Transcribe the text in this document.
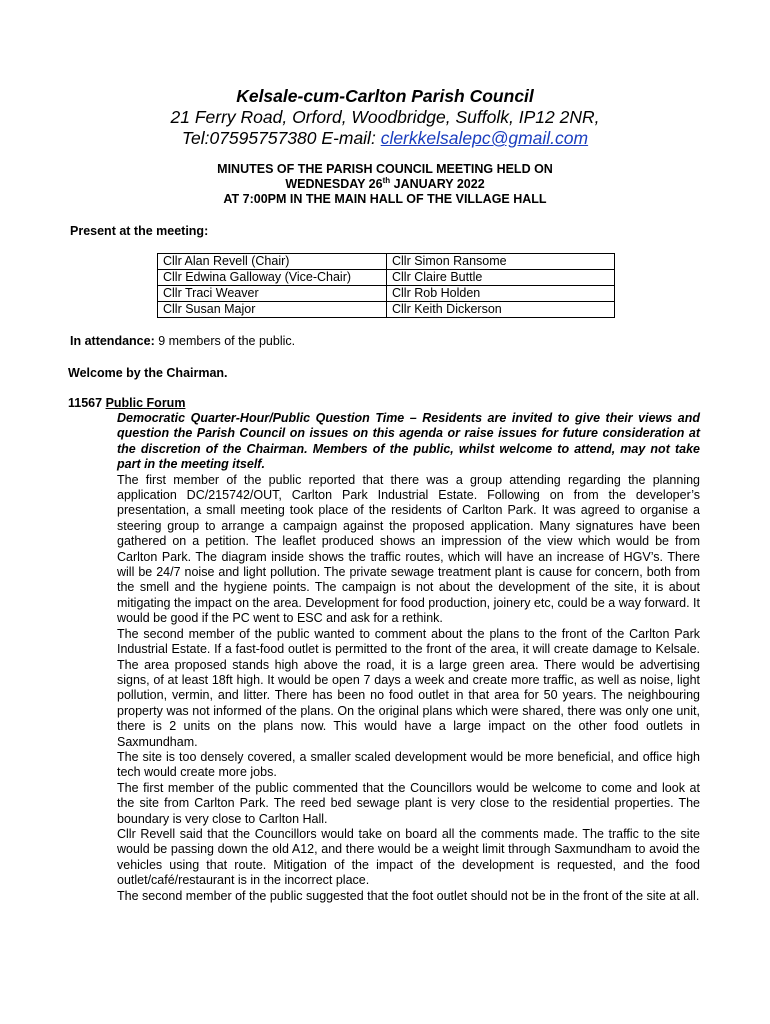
Kelsale-cum-Carlton Parish Council
21 Ferry Road, Orford, Woodbridge, Suffolk, IP12 2NR,
Tel:07595757380 E-mail: clerkkelsalepc@gmail.com
MINUTES OF THE PARISH COUNCIL MEETING HELD ON
WEDNESDAY 26th JANUARY 2022
AT 7:00PM IN THE MAIN HALL OF THE VILLAGE HALL
Present at the meeting:
Cllr Alan Revell (Chair)	Cllr Simon Ransome
Cllr Edwina Galloway (Vice-Chair)	Cllr Claire Buttle
Cllr Traci Weaver	Cllr Rob Holden
Cllr Susan Major	Cllr Keith Dickerson
In attendance: 9 members of the public.
Welcome by the Chairman.
11567 Public Forum

Democratic Quarter-Hour/Public Question Time – Residents are invited to give their views and question the Parish Council on issues on this agenda or raise issues for future consideration at the discretion of the Chairman. Members of the public, whilst welcome to attend, may not take part in the meeting itself.

The first member of the public reported that there was a group attending regarding the planning application DC/215742/OUT, Carlton Park Industrial Estate. Following on from the developer’s presentation, a small meeting took place of the residents of Carlton Park. It was agreed to organise a steering group to arrange a campaign against the proposed application. Many signatures have been gathered on a petition. The leaflet produced shows an impression of the view which would be from Carlton Park. The diagram inside shows the traffic routes, which will have an increase of HGV’s. There will be 24/7 noise and light pollution. The private sewage treatment plant is cause for concern, both from the smell and the hygiene points. The campaign is not about the development of the site, it is about mitigating the impact on the area. Development for food production, joinery etc, could be a way forward. It would be good if the PC went to ESC and ask for a rethink.

The second member of the public wanted to comment about the plans to the front of the Carlton Park Industrial Estate. If a fast-food outlet is permitted to the front of the area, it will create damage to Kelsale. The area proposed stands high above the road, it is a large green area. There would be advertising signs, of at least 18ft high. It would be open 7 days a week and create more traffic, as well as noise, light pollution, vermin, and litter. There has been no food outlet in that area for 50 years. The neighbouring property was not informed of the plans. On the original plans which were shared, there was only one unit, there is 2 units on the plans now. This would have a large impact on the other food outlets in Saxmundham.

The site is too densely covered, a smaller scaled development would be more beneficial, and office high tech would create more jobs.

The first member of the public commented that the Councillors would be welcome to come and look at the site from Carlton Park. The reed bed sewage plant is very close to the residential properties. The boundary is very close to Carlton Hall.

Cllr Revell said that the Councillors would take on board all the comments made. The traffic to the site would be passing down the old A12, and there would be a weight limit through Saxmundham to avoid the vehicles using that route. Mitigation of the impact of the development is requested, and the food outlet/café/restaurant is in the incorrect place.

The second member of the public suggested that the foot outlet should not be in the front of the site at all.
